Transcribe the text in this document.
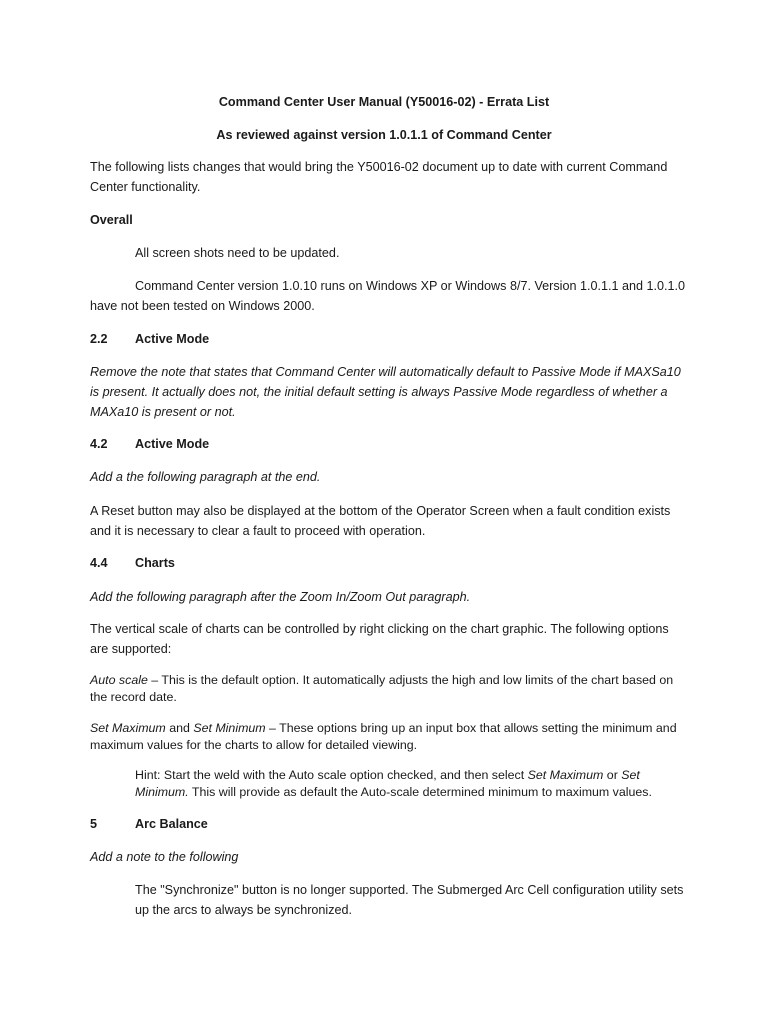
Command Center User Manual (Y50016-02) - Errata List

As reviewed against version 1.0.1.1 of Command Center

The following lists changes that would bring the Y50016-02 document up to date with current Command Center functionality.

Overall

All screen shots need to be updated.

Command Center version 1.0.10 runs on Windows XP or Windows 8/7. Version 1.0.1.1 and 1.0.1.0 have not been tested on Windows 2000.

2.2 Active Mode

Remove the note that states that Command Center will automatically default to Passive Mode if MAXSa10 is present. It actually does not, the initial default setting is always Passive Mode regardless of whether a MAXa10 is present or not.

4.2 Active Mode

Add a the following paragraph at the end.

A Reset button may also be displayed at the bottom of the Operator Screen when a fault condition exists and it is necessary to clear a fault to proceed with operation.

4.4 Charts

Add the following paragraph after the Zoom In/Zoom Out paragraph.

The vertical scale of charts can be controlled by right clicking on the chart graphic. The following options are supported:

Auto scale – This is the default option. It automatically adjusts the high and low limits of the chart based on the record date.

Set Maximum and Set Minimum – These options bring up an input box that allows setting the minimum and maximum values for the charts to allow for detailed viewing.

Hint: Start the weld with the Auto scale option checked, and then select Set Maximum or Set Minimum. This will provide as default the Auto-scale determined minimum to maximum values.

5	Arc Balance

Add a note to the following

The "Synchronize" button is no longer supported. The Submerged Arc Cell configuration utility sets up the arcs to always be synchronized.
